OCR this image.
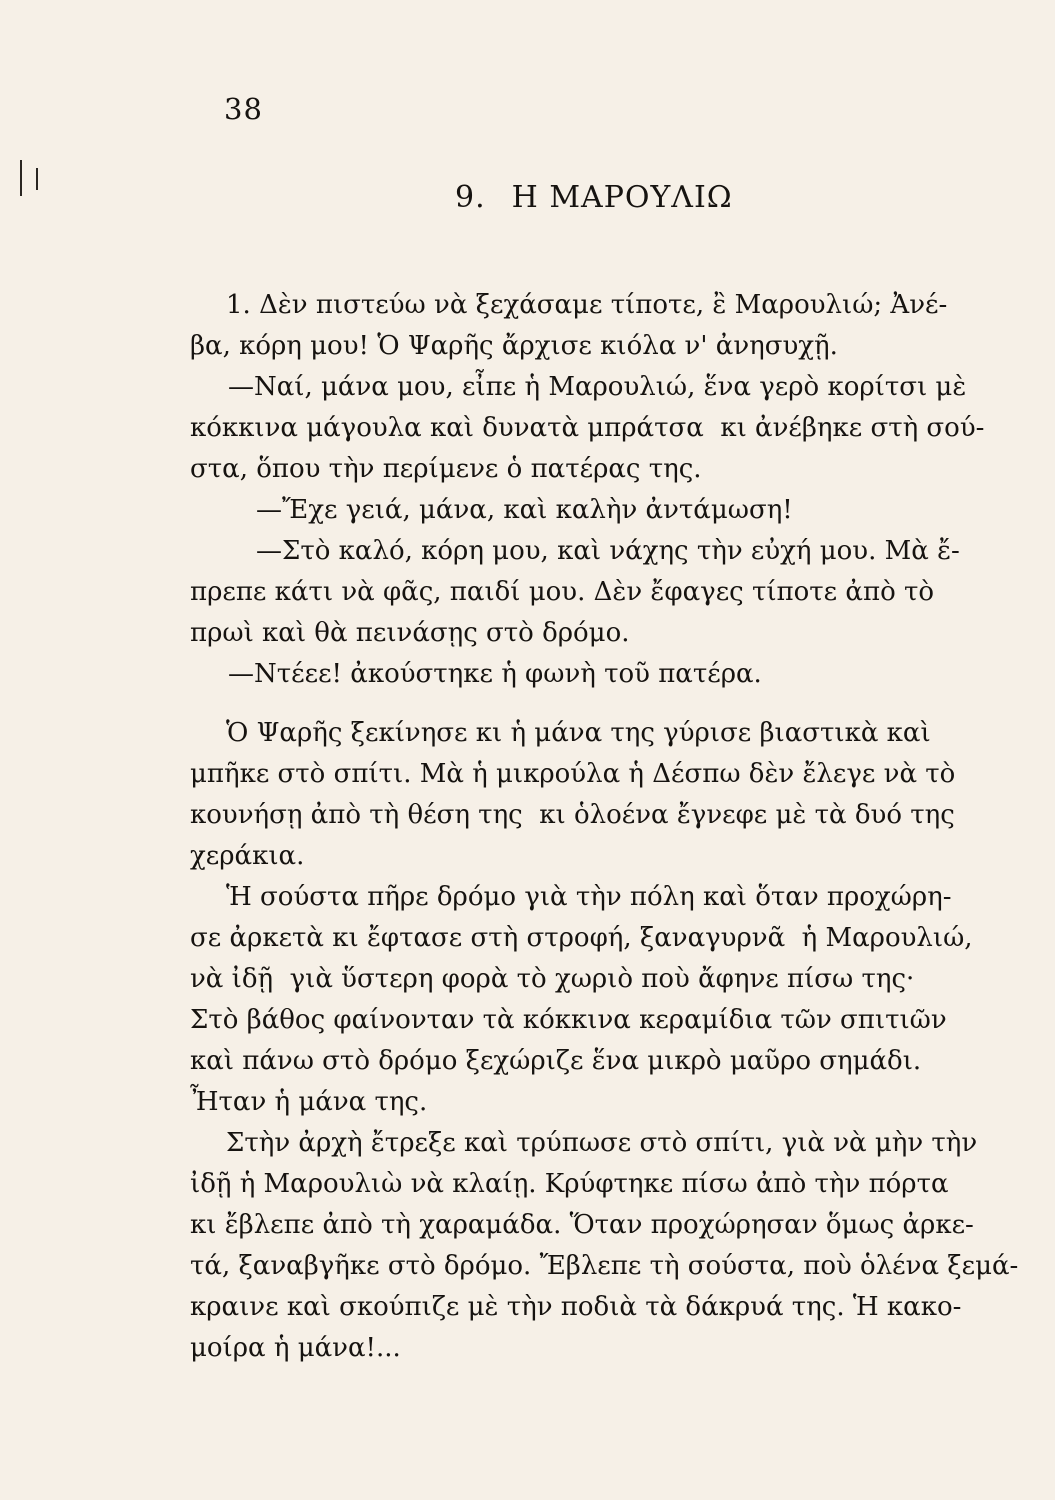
38
9. Η ΜΑΡΟΥΛΙΩ
1. Δὲν πιστεύω νὰ ξεχάσαμε τίποτε, ἒ Μαρουλιώ; Ἀνέ-
βα, κόρη μου! Ὁ Ψαρῆς ἄρχισε κιόλα ν' ἀνησυχῇ.
—Ναί, μάνα μου, εἶπε ἡ Μαρουλιώ, ἕνα γερὸ κορίτσι μὲ
κόκκινα μάγουλα καὶ δυνατὰ μπράτσα  κι ἀνέβηκε στὴ σού-
στα, ὅπου τὴν περίμενε ὁ πατέρας της.
—Ἔχε γειά, μάνα, καὶ καλὴν ἀντάμωση!
—Στὸ καλό, κόρη μου, καὶ νάχης τὴν εὐχή μου. Μὰ ἔ-
πρεπε κάτι νὰ φᾶς, παιδί μου. Δὲν ἔφαγες τίποτε ἀπὸ τὸ
πρωὶ καὶ θὰ πεινάσῃς στὸ δρόμο.
—Ντέεε! ἀκούστηκε ἡ φωνὴ τοῦ πατέρα.
Ὁ Ψαρῆς ξεκίνησε κι ἡ μάνα της γύρισε βιαστικὰ καὶ
μπῆκε στὸ σπίτι. Μὰ ἡ μικρούλα ἡ Δέσπω δὲν ἔλεγε νὰ τὸ
κουνήσῃ ἀπὸ τὴ θέση της  κι ὁλοένα ἔγνεφε μὲ τὰ δυό της
χεράκια.
Ἡ σούστα πῆρε δρόμο γιὰ τὴν πόλη καὶ ὅταν προχώρη-
σε ἀρκετὰ κι ἔφτασε στὴ στροφή, ξαναγυρνᾶ  ἡ Μαρουλιώ,
νὰ ἰδῇ  γιὰ ὕστερη φορὰ τὸ χωριὸ ποὺ ἄφηνε πίσω της·
Στὸ βάθος φαίνονταν τὰ κόκκινα κεραμίδια τῶν σπιτιῶν
καὶ πάνω στὸ δρόμο ξεχώριζε ἕνα μικρὸ μαῦρο σημάδι.
Ἦταν ἡ μάνα της.
Στὴν ἀρχὴ ἔτρεξε καὶ τρύπωσε στὸ σπίτι, γιὰ νὰ μὴν τὴν
ἰδῇ ἡ Μαρουλιὼ νὰ κλαίῃ. Κρύφτηκε πίσω ἀπὸ τὴν πόρτα
κι ἔβλεπε ἀπὸ τὴ χαραμάδα. Ὅταν προχώρησαν ὅμως ἀρκε-
τά, ξαναβγῆκε στὸ δρόμο. Ἔβλεπε τὴ σούστα, ποὺ ὁλένα ξεμά-
κραινε καὶ σκούπιζε μὲ τὴν ποδιὰ τὰ δάκρυά της. Ἡ κακο-
μοίρα ἡ μάνα!...
